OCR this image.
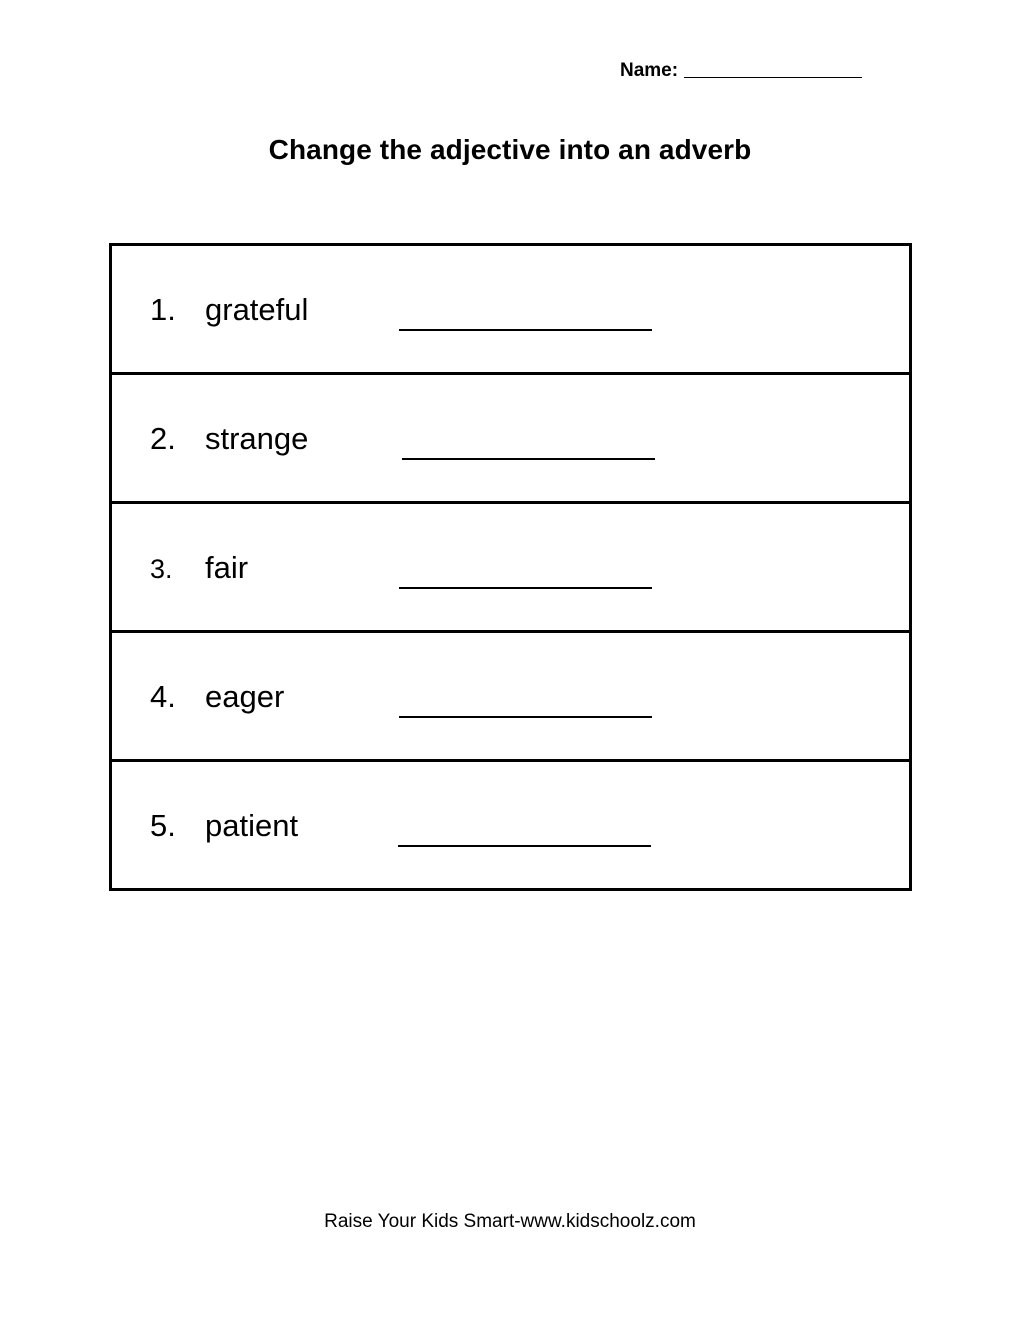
Name:
Change the adjective into an adverb
1. grateful
2. strange
3. fair
4. eager
5. patient
Raise Your Kids Smart-www.kidschoolz.com
